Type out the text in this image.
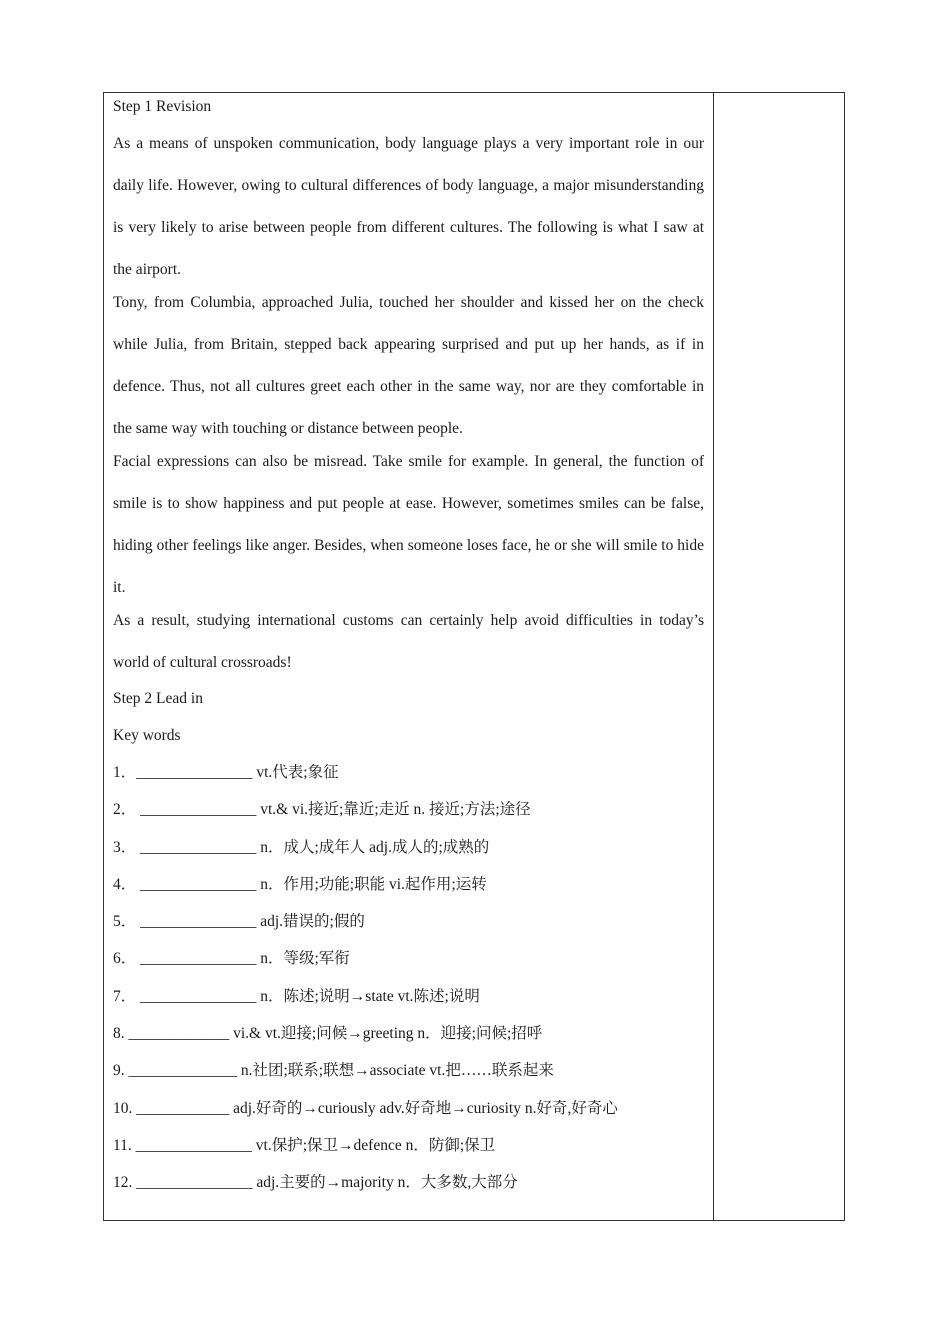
Step 1 Revision
As a means of unspoken communication, body language plays a very important role in our daily life. However, owing to cultural differences of body language, a major misunderstanding is very likely to arise between people from different cultures. The following is what I saw at the airport.
Tony, from Columbia, approached Julia, touched her shoulder and kissed her on the check while Julia, from Britain, stepped back appearing surprised and put up her hands, as if in defence. Thus, not all cultures greet each other in the same way, nor are they comfortable in the same way with touching or distance between people.
Facial expressions can also be misread. Take smile for example. In general, the function of smile is to show happiness and put people at ease. However, sometimes smiles can be false, hiding other feelings like anger. Besides, when someone loses face, he or she will smile to hide it.
As a result, studying international customs can certainly help avoid difficulties in today’s world of cultural crossroads!
Step 2 Lead in
Key words
1．_______________ vt.代表;象征
2． _______________ vt.& vi.接近;靠近;走近 n. 接近;方法;途径
3． _______________ n．成人;成年人 adj.成人的;成熟的
4． _______________ n．作用;功能;职能 vi.起作用;运转
5． _______________ adj.错误的;假的
6． _______________ n．等级;军衔
7． _______________ n．陈述;说明→state vt.陈述;说明
8. _____________ vi.& vt.迎接;问候→greeting n．迎接;问候;招呼
9. ______________ n.社团;联系;联想→associate vt.把……联系起来
10. ____________ adj.好奇的→curiously adv.好奇地→curiosity n.好奇,好奇心
11. _______________ vt.保护;保卫→defence n．防御;保卫
12. _______________ adj.主要的→majority n．大多数,大部分
